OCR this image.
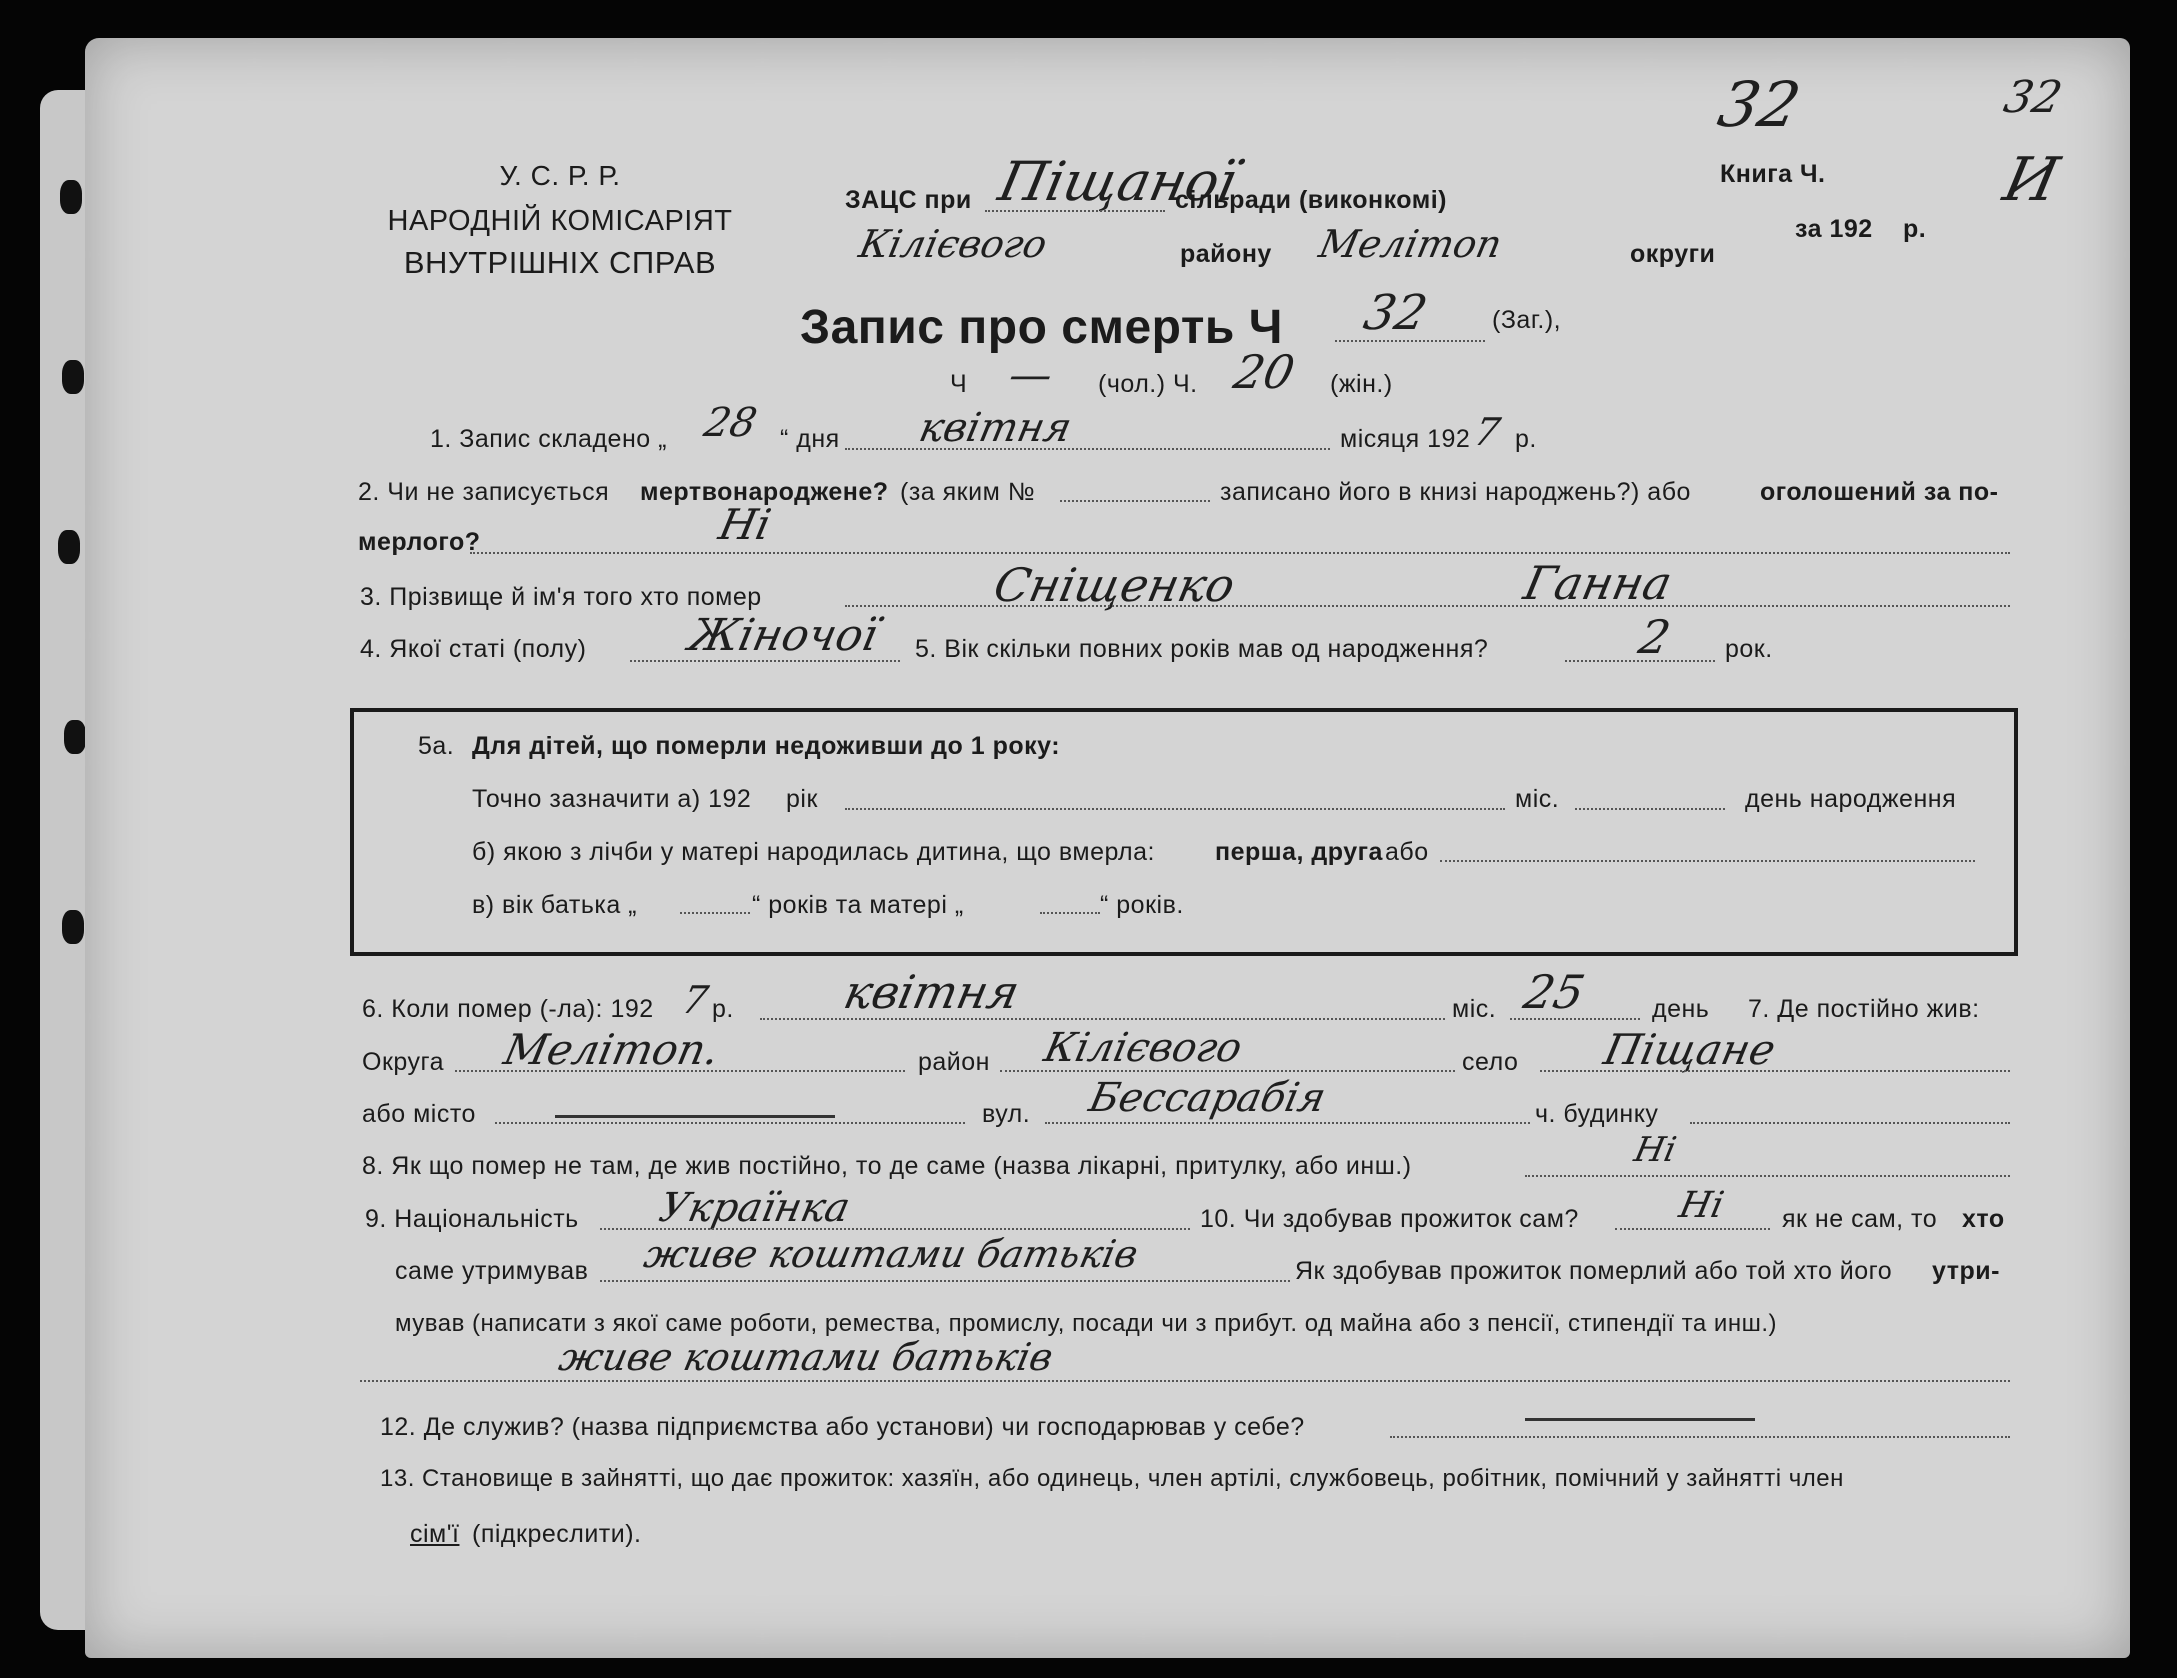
У. С. Р. Р.
НАРОДНІЙ КОМІСАРІЯТ
ВНУТРІШНІХ СПРАВ
ЗАЦС при Піщаної
сільради (виконкомі)
Кілієвого	району Мелітоп	округи
Книга Ч.
за 192 р.
32	32
И
Запис про смерть Ч 32 (Заг.),
Ч — (чол.) Ч. 20 (жін.)
1. Запис складено „ 28 “ дня квітня	місяця 192 7 р.
2. Чи не записується мертвонароджене? (за яким №	записано його в книзі народжень?) або	оголошений за по-
мерлого?	Ні
3. Прізвище й ім'я того хто помер	Сніщенко	Ганна
4. Якої статі (полу) Жіночої 5. Вік скільки повних років мав од народження?	2 рок.
5а. Для дітей, що померли недоживши до 1 року:
Точно зазначити а) 192 рік	міс.	день народження
б) якою з лічби у матері народилась дитина, що вмерла: перша, друга або
в) вік батька „	“ років та матері „	“ років.
6. Коли помер (-ла): 192 7 р. квітня	міс. 25	день 7. Де постійно жив:
Округа Мелітоп.	район Кілієвого	село Піщане
або місто	вул. Бессарабія	ч. будинку
8. Як що помер не там, де жив постійно, то де саме (назва лікарні, притулку, або инш.)	Ні
9. Національність Українка	10. Чи здобував прожиток сам?	Ні як не сам, то хто
саме утримував живе коштами батьків	Як здобував прожиток померлий або той хто його утри-
мував (написати з якої саме роботи, ремества, промислу, посади чи з прибут. од майна або з пенсії, стипендії та инш.)
живе коштами батьків
12. Де служив? (назва підприємства або установи) чи господарював у себе?
13. Становище в зайнятті, що дає прожиток: хазяїн, або одинець, член артілі, службовець, робітник, помічний у зайнятті член
сім'ї (підкреслити).
